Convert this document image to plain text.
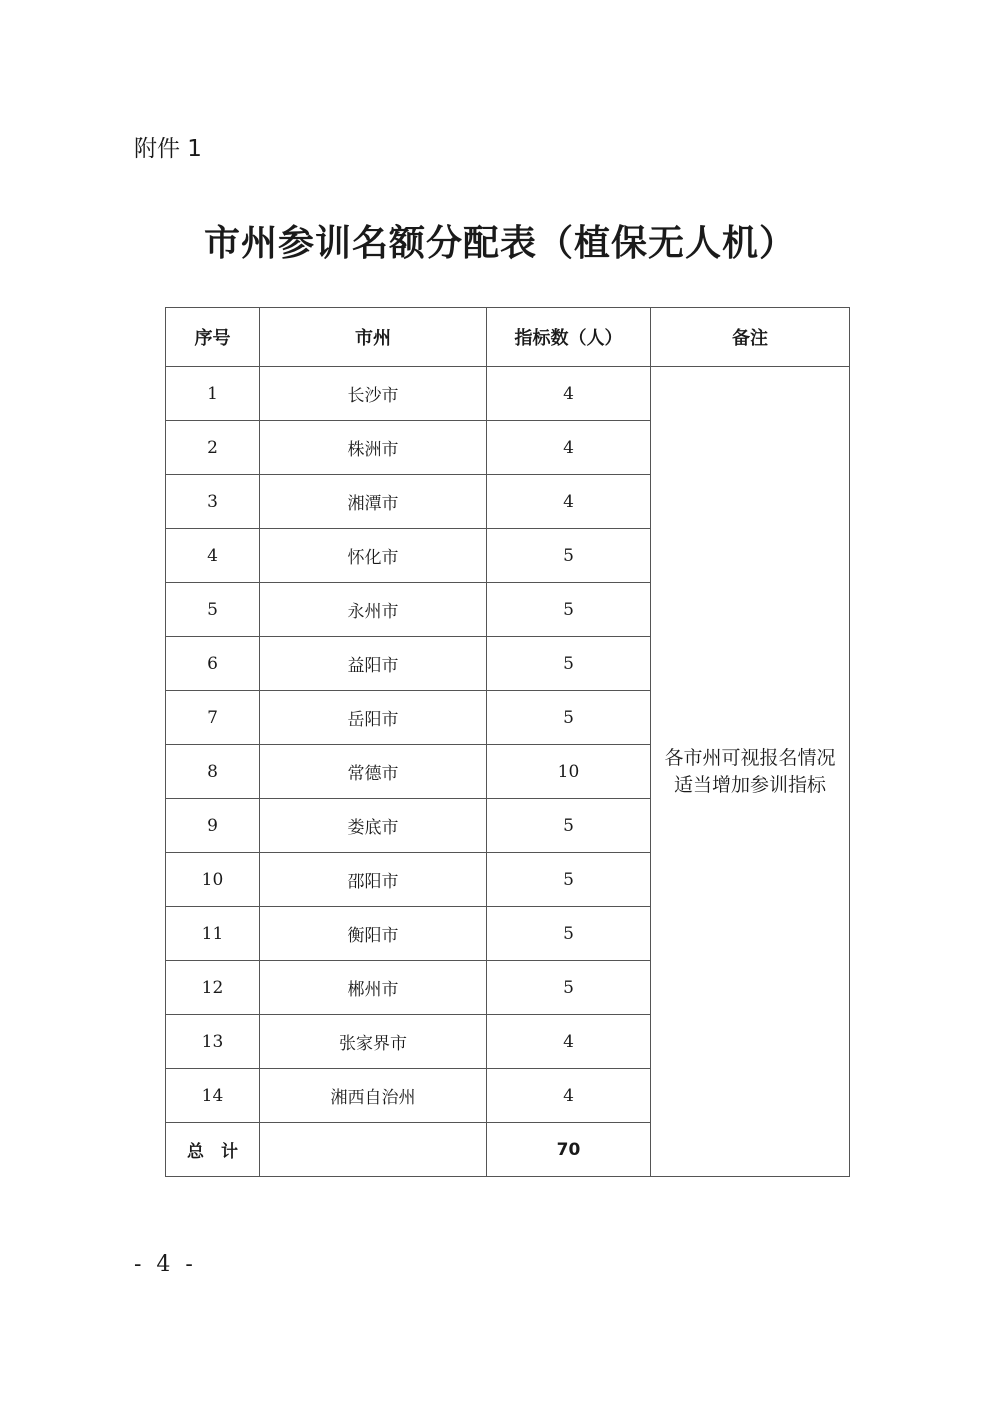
附件 1
市州参训名额分配表（植保无人机）
序号	市州	指标数（人）	备注
1	长沙市	4	各市州可视报名情况
适当增加参训指标

2	株洲市	4	
3	湘潭市	4	
4	怀化市	5	
5	永州市	5	
6	益阳市	5	
7	岳阳市	5	
8	常德市	10	
9	娄底市	5	
10	邵阳市	5	
11	衡阳市	5	
12	郴州市	5	
13	张家界市	4	
14	湘西自治州	4	
总　计		70	
- 4 -
